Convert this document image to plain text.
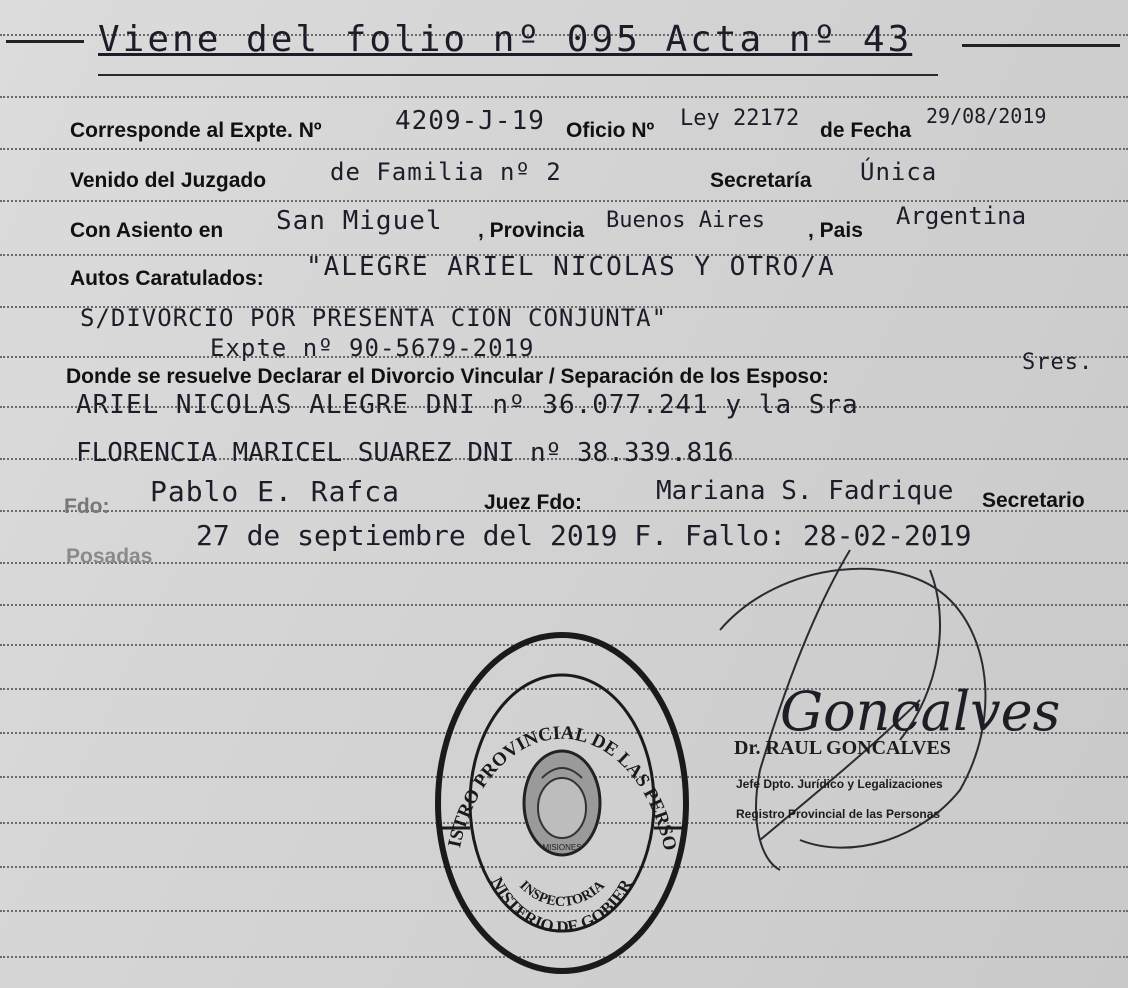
Viene del folio nº 095 Acta nº 43
Corresponde al Expte. Nº	4209-J-19 Oficio Nº Ley 22172 de Fecha
29/08/2019
Venido del Juzgado	de Familia nº 2	Secretaría Única
Con Asiento en San Miguel , Provincia Buenos Aires , Pais
Argentina
Autos Caratulados: "ALEGRE ARIEL NICOLAS Y OTRO/A
S/DIVORCIO POR PRESENTA CION CONJUNTA"
Expte nº 90-5679-2019
Donde se resuelve Declarar el Divorcio Vincular / Separación de los Esposo:
Sres.
ARIEL NICOLAS ALEGRE DNI nº 36.077.241 y la Sra
FLORENCIA MARICEL SUAREZ DNI nº 38.339.816
Fdo: Pablo E. Rafca	Juez Fdo:	Mariana S. Fadrique Secretario
Posadas
27 de septiembre del 2019 F. Fallo: 28-02-2019
ISTRO PROVINCIAL DE LAS PERSO
NISTERIO DE GOBIER
INSPECTORIA
MISIONES
Goncalves
Dr. RAUL GONCALVES
Jefe Dpto. Jurídico y Legalizaciones
Registro Provincial de las Personas
